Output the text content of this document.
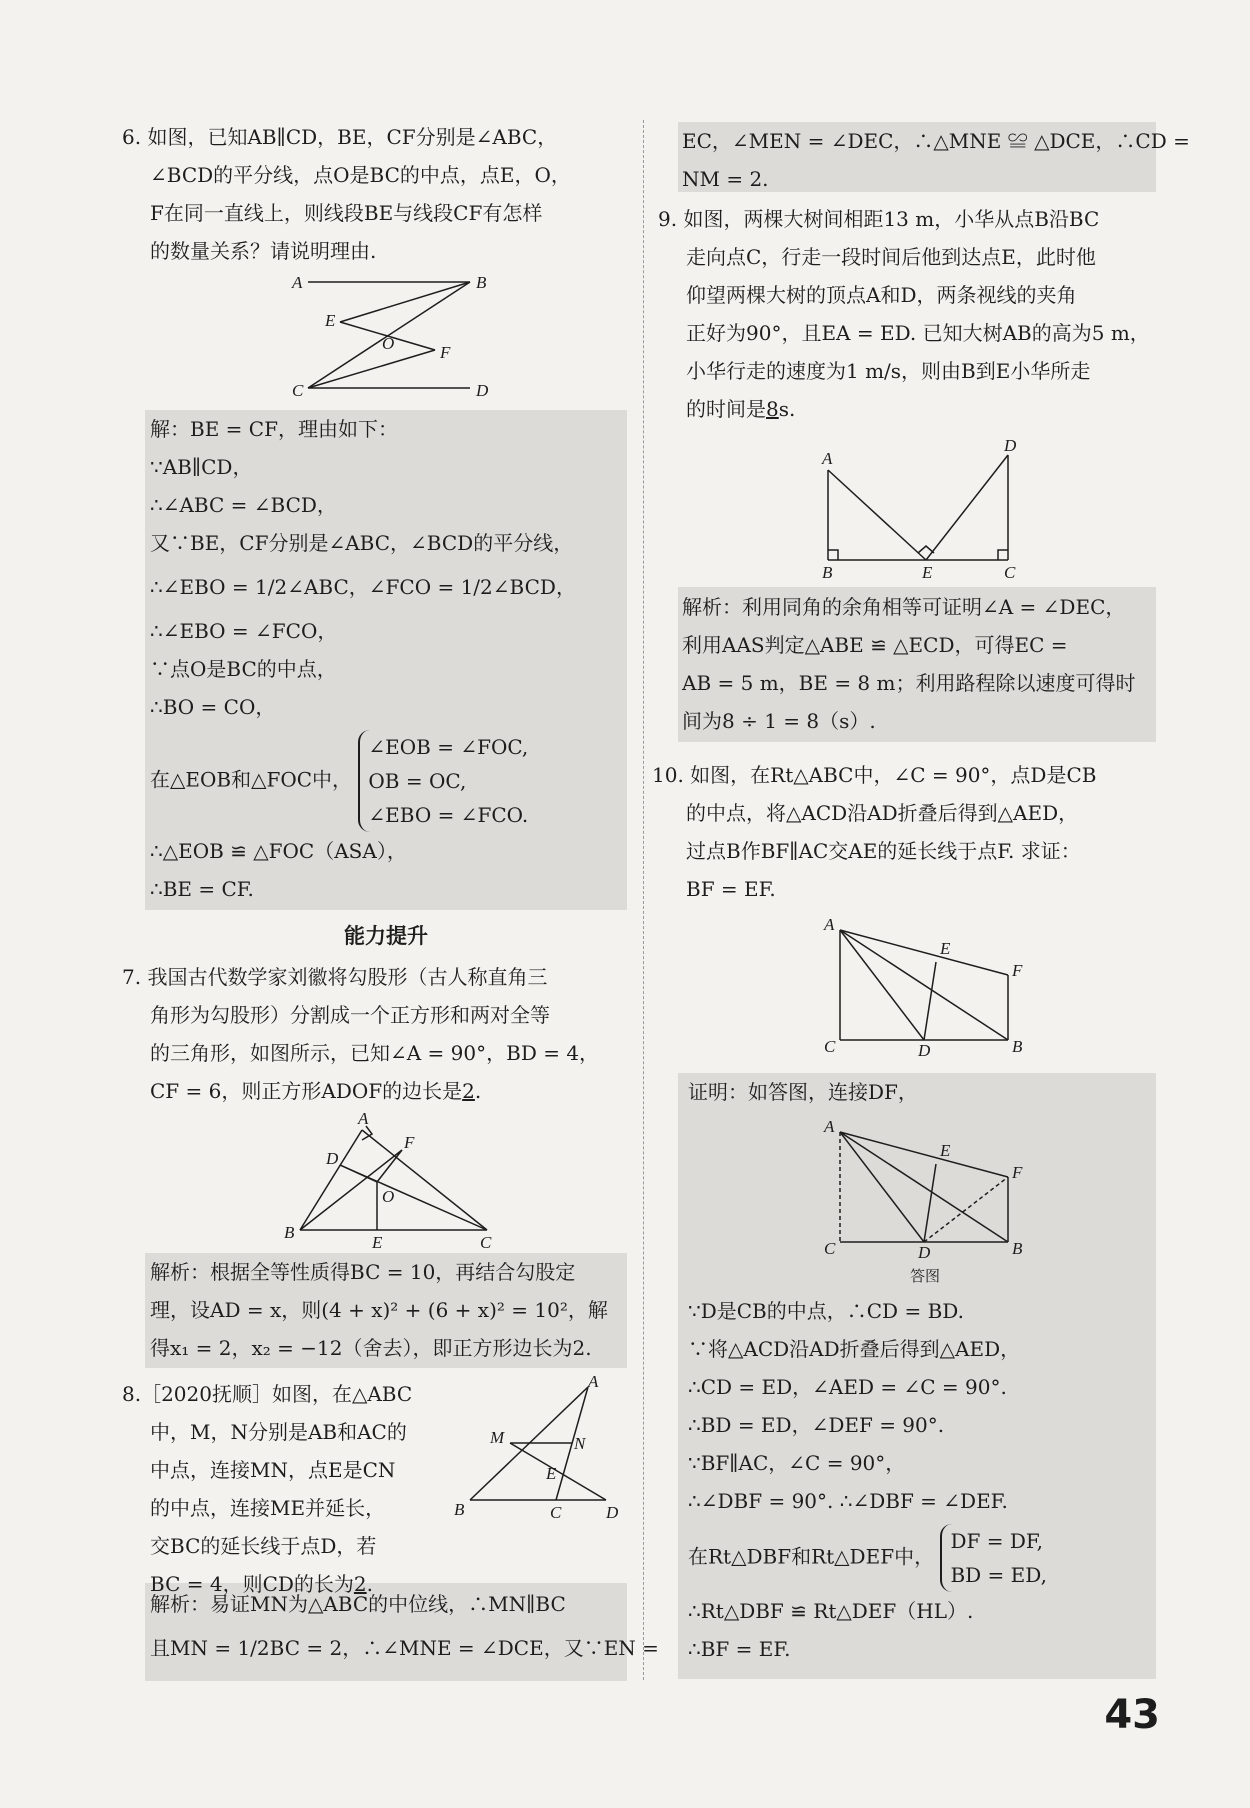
6. 如图，已知AB∥CD，BE，CF分别是∠ABC，
∠BCD的平分线，点O是BC的中点，点E，O，
F在同一直线上，则线段BE与线段CF有怎样
的数量关系？请说明理由.
A	B
E
O	F
C	D
解：BE = CF，理由如下：
∵AB∥CD，
∴∠ABC = ∠BCD，
又∵BE，CF分别是∠ABC，∠BCD的平分线，
∴∠EBO = 1/2∠ABC，∠FCO = 1/2∠BCD，
∴∠EBO = ∠FCO，
∵点O是BC的中点，
∴BO = CO，
在△EOB和△FOC中，
∠EOB = ∠FOC,
OB = OC,
∠EBO = ∠FCO.
∴△EOB ≌ △FOC（ASA），
∴BE = CF.
能力提升
7. 我国古代数学家刘徽将勾股形（古人称直角三
角形为勾股形）分割成一个正方形和两对全等
的三角形，如图所示，已知∠A = 90°，BD = 4，
CF = 6，则正方形ADOF的边长是2.
A
D
F
O
B
E	C
解析：根据全等性质得BC = 10，再结合勾股定
理，设AD = x，则(4 + x)² + (6 + x)² = 10²，解
得x₁ = 2，x₂ = −12（舍去），即正方形边长为2.
8.［2020抚顺］如图，在△ABC
中，M，N分别是AB和AC的
中点，连接MN，点E是CN
的中点，连接ME并延长，
交BC的延长线于点D，若
BC = 4，则CD的长为2.
A
M	N
E
B	C	D
解析：易证MN为△ABC的中位线，∴MN∥BC
且MN = 1/2BC = 2，∴∠MNE = ∠DCE，又∵EN =
EC，∠MEN = ∠DEC，∴△MNE ≌ △DCE，∴CD =
NM = 2.
9. 如图，两棵大树间相距13 m，小华从点B沿BC
走向点C，行走一段时间后他到达点E，此时他
仰望两棵大树的顶点A和D，两条视线的夹角
正好为90°，且EA = ED. 已知大树AB的高为5 m，
小华行走的速度为1 m/s，则由B到E小华所走
的时间是8s.
A
D
B	E	C
解析：利用同角的余角相等可证明∠A = ∠DEC，
利用AAS判定△ABE ≌ △ECD，可得EC =
AB = 5 m，BE = 8 m；利用路程除以速度可得时
间为8 ÷ 1 = 8（s）.
10. 如图，在Rt△ABC中，∠C = 90°，点D是CB
的中点，将△ACD沿AD折叠后得到△AED，
过点B作BF∥AC交AE的延长线于点F. 求证：
BF = EF.
A
E
F
C	D	B
证明：如答图，连接DF，
A
E
F
C	D	B
答图
∵D是CB的中点，∴CD = BD.
∵将△ACD沿AD折叠后得到△AED，
∴CD = ED，∠AED = ∠C = 90°.
∴BD = ED，∠DEF = 90°.
∵BF∥AC，∠C = 90°，
∴∠DBF = 90°. ∴∠DBF = ∠DEF.
在Rt△DBF和Rt△DEF中，
DF = DF,
BD = ED,
∴Rt△DBF ≌ Rt△DEF（HL）.
∴BF = EF.
43
